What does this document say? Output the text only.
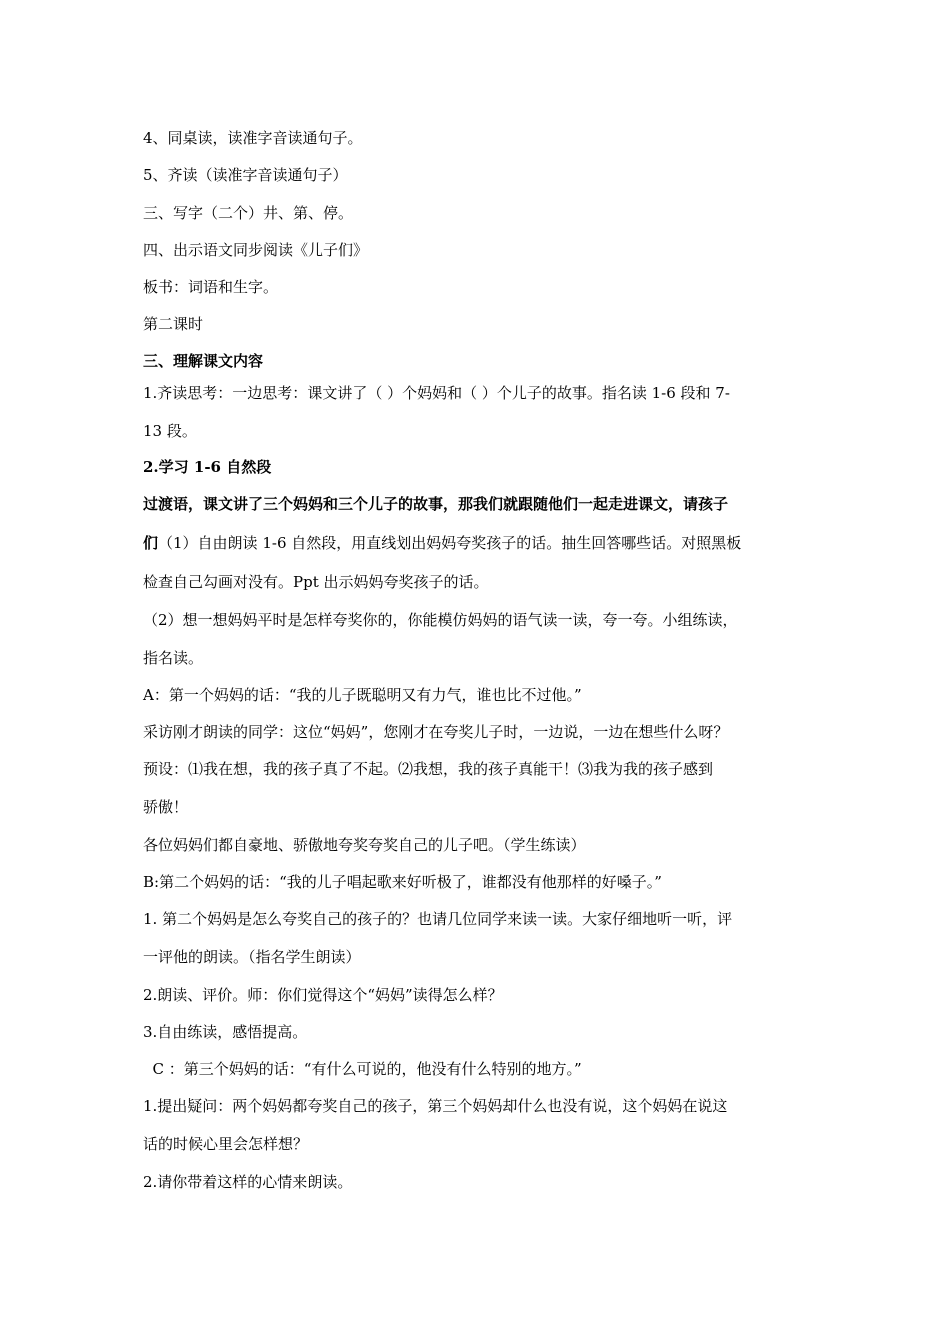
4、同桌读，读准字音读通句子。

5、齐读（读准字音读通句子）

三、写字（二个）井、第、停。

四、出示语文同步阅读《儿子们》

板书：词语和生字。

第二课时

三、理解课文内容

1.齐读思考：一边思考：课文讲了（ ）个妈妈和（ ）个儿子的故事。指名读 1-6 段和 7-

13 段。

2.学习 1-6 自然段

过渡语，课文讲了三个妈妈和三个儿子的故事，那我们就跟随他们一起走进课文，请孩子

们（1）自由朗读 1-6 自然段，用直线划出妈妈夸奖孩子的话。抽生回答哪些话。对照黑板

检查自己勾画对没有。Ppt 出示妈妈夸奖孩子的话。

（2）想一想妈妈平时是怎样夸奖你的，你能模仿妈妈的语气读一读，夸一夸。小组练读，

指名读。

A：第一个妈妈的话：“我的儿子既聪明又有力气，谁也比不过他。”

采访刚才朗读的同学：这位“妈妈”，您刚才在夸奖儿子时，一边说，一边在想些什么呀？

预设：⑴我在想，我的孩子真了不起。⑵我想，我的孩子真能干！⑶我为我的孩子感到

骄傲！

各位妈妈们都自豪地、骄傲地夸奖夸奖自己的儿子吧。（学生练读）

B:第二个妈妈的话：“我的儿子唱起歌来好听极了，谁都没有他那样的好嗓子。”

1. 第二个妈妈是怎么夸奖自己的孩子的？也请几位同学来读一读。大家仔细地听一听，评

一评他的朗读。（指名学生朗读）

2.朗读、评价。师：你们觉得这个“妈妈”读得怎么样？

3.自由练读，感悟提高。

C ：第三个妈妈的话：“有什么可说的，他没有什么特别的地方。”

1.提出疑问：两个妈妈都夸奖自己的孩子，第三个妈妈却什么也没有说，这个妈妈在说这

话的时候心里会怎样想？

2.请你带着这样的心情来朗读。
